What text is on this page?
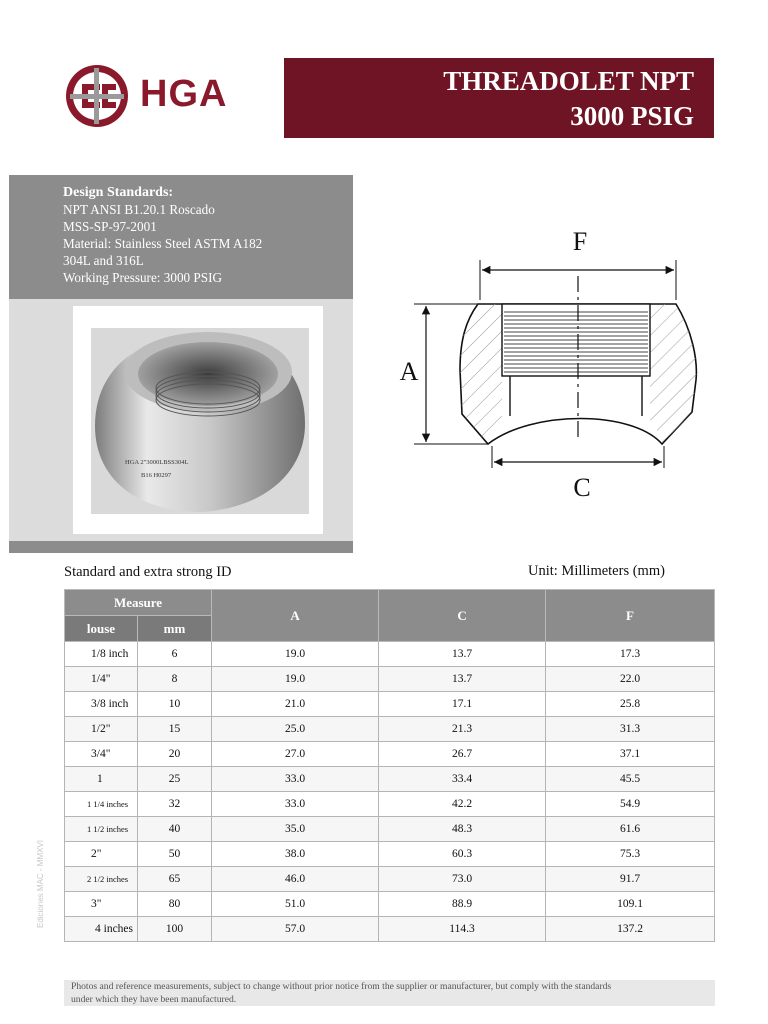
HGA	THREADOLET NPT
3000 PSIG
Design Standards:
NPT ANSI B1.20.1 Roscado
MSS-SP-97-2001
Material: Stainless Steel ASTM A182
304L and 316L
Working Pressure: 3000 PSIG
HGA 2"3000LBSS304L
B16 H0297
F
A
C
Standard and extra strong ID	Unit: Millimeters (mm)
Measure		A	C	F
louse	mm			
1/8 inch	6	19.0	13.7	17.3
1/4"	8	19.0	13.7	22.0
3/8 inch	10	21.0	17.1	25.8
1/2"	15	25.0	21.3	31.3
3/4"	20	27.0	26.7	37.1
1	25	33.0	33.4	45.5
1 1/4 inches	32	33.0	42.2	54.9
1 1/2 inches	40	35.0	48.3	61.6
2"	50	38.0	60.3	75.3
2 1/2 inches	65	46.0	73.0	91.7
3"	80	51.0	88.9	109.1
4 inches	100	57.0	114.3	137.2
Ediciones MAC - MMXVI
Photos and reference measurements, subject to change without prior notice from the supplier or manufacturer, but comply with the standards
under which they have been manufactured.
